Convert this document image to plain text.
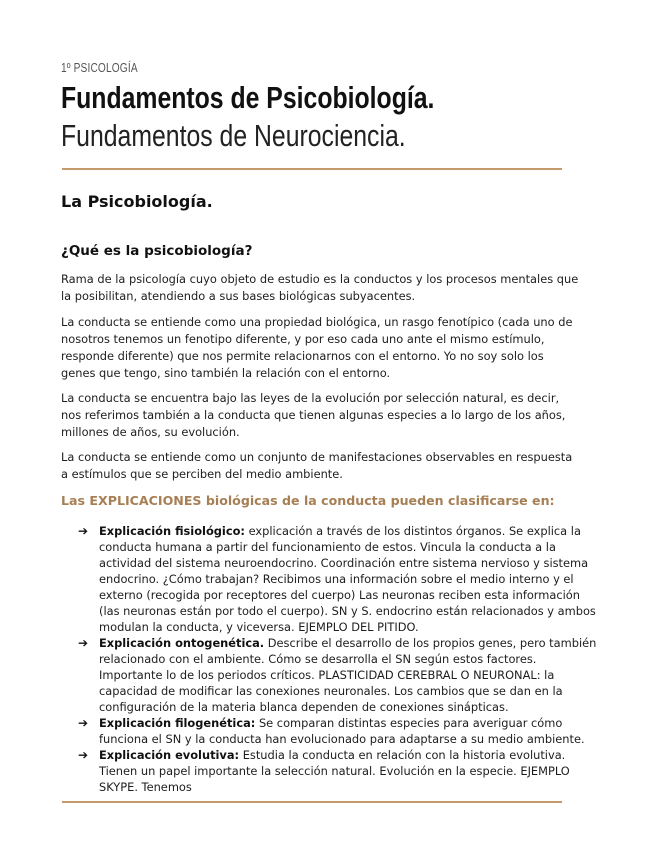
1º PSICOLOGÍA
Fundamentos de Psicobiología.
Fundamentos de Neurociencia.
La Psicobiología.
¿Qué es la psicobiología?

Rama de la psicología cuyo objeto de estudio es la conductos y los procesos mentales que la posibilitan, atendiendo a sus bases biológicas subyacentes.

La conducta se entiende como una propiedad biológica, un rasgo fenotípico (cada uno de nosotros tenemos un fenotipo diferente, y por eso cada uno ante el mismo estímulo, responde diferente) que nos permite relacionarnos con el entorno. Yo no soy solo los genes que tengo, sino también la relación con el entorno.

La conducta se encuentra bajo las leyes de la evolución por selección natural, es decir, nos referimos también a la conducta que tienen algunas especies a lo largo de los años, millones de años, su evolución.

La conducta se entiende como un conjunto de manifestaciones observables en respuesta a estímulos que se perciben del medio ambiente.

Las EXPLICACIONES biológicas de la conducta pueden clasificarse en:

➔ Explicación fisiológico: explicación a través de los distintos órganos. Se explica la conducta humana a partir del funcionamiento de estos. Vincula la conducta a la actividad del sistema neuroendocrino. Coordinación entre sistema nervioso y sistema endocrino. ¿Cómo trabajan? Recibimos una información sobre el medio interno y el externo (recogida por receptores del cuerpo) Las neuronas reciben esta información (las neuronas están por todo el cuerpo). SN y S. endocrino están relacionados y ambos modulan la conducta, y viceversa. EJEMPLO DEL PITIDO.
➔ Explicación ontogenética. Describe el desarrollo de los propios genes, pero también relacionado con el ambiente. Cómo se desarrolla el SN según estos factores. Importante lo de los periodos críticos. PLASTICIDAD CEREBRAL O NEURONAL: la capacidad de modificar las conexiones neuronales. Los cambios que se dan en la configuración de la materia blanca dependen de conexiones sinápticas.
➔ Explicación filogenética: Se comparan distintas especies para averiguar cómo funciona el SN y la conducta han evolucionado para adaptarse a su medio ambiente.
➔ Explicación evolutiva: Estudia la conducta en relación con la historia evolutiva. Tienen un papel importante la selección natural. Evolución en la especie. EJEMPLO SKYPE. Tenemos
